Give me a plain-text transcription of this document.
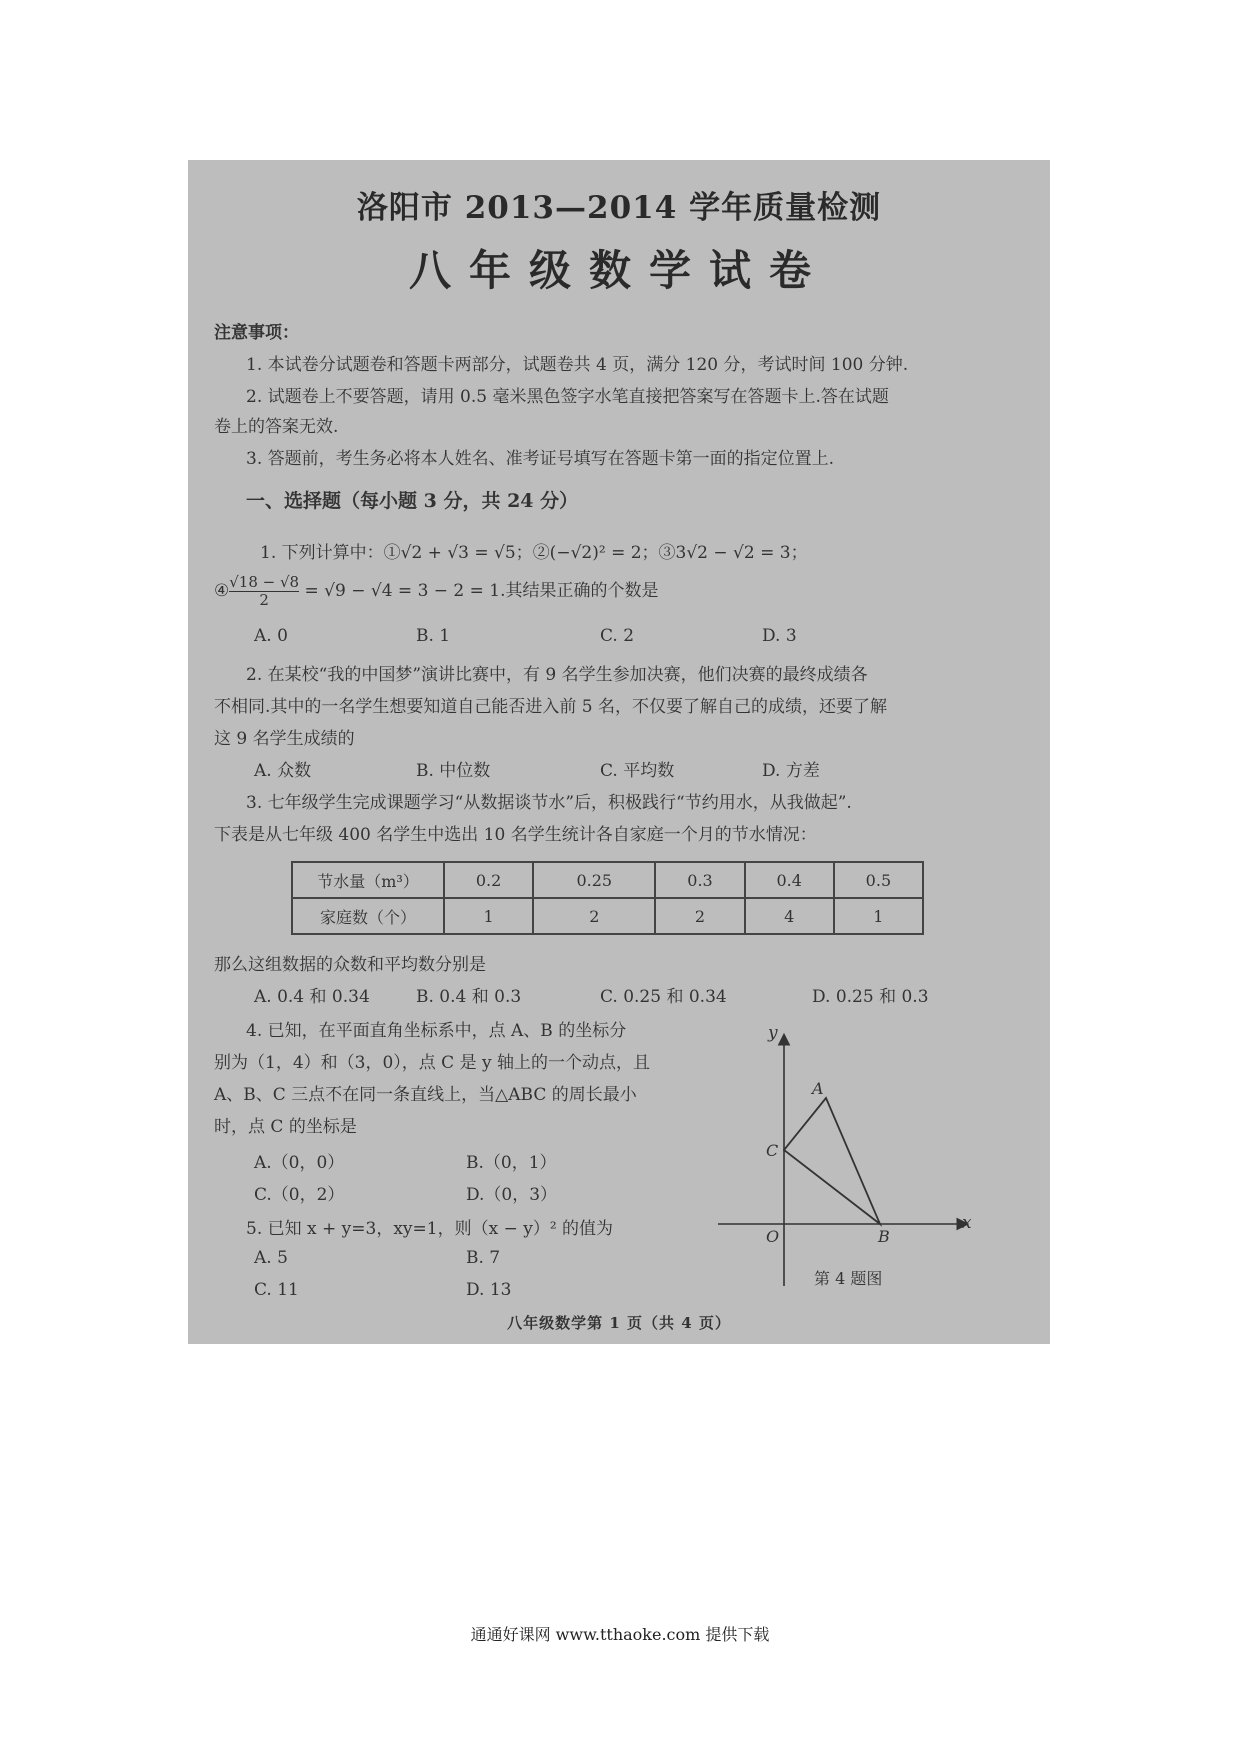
洛阳市 2013—2014 学年质量检测
八年级数学试卷
注意事项：
1. 本试卷分试题卷和答题卡两部分，试题卷共 4 页，满分 120 分，考试时间 100 分钟.
2. 试题卷上不要答题，请用 0.5 毫米黑色签字水笔直接把答案写在答题卡上.答在试题
卷上的答案无效.
3. 答题前，考生务必将本人姓名、准考证号填写在答题卡第一面的指定位置上.
一、选择题（每小题 3 分，共 24 分）
1. 下列计算中：①√2 + √3 = √5；②(−√2)² = 2；③3√2 − √2 = 3；
④ $\frac{√18 - √8}{2} = √9 - √4 = 3 - 2 = 1$.其结果正确的个数是
A. 0	B. 1	C. 2	D. 3
2. 在某校“我的中国梦”演讲比赛中，有 9 名学生参加决赛，他们决赛的最终成绩各
不相同.其中的一名学生想要知道自己能否进入前 5 名，不仅要了解自己的成绩，还要了解
这 9 名学生成绩的
A. 众数	B. 中位数	C. 平均数	D. 方差
3. 七年级学生完成课题学习“从数据谈节水”后，积极践行“节约用水，从我做起”.
下表是从七年级 400 名学生中选出 10 名学生统计各自家庭一个月的节水情况：
节水量（m³）	0.2	0.25	0.3	0.4	0.5
家庭数（个）	1	2	2	4	1
那么这组数据的众数和平均数分别是
A. 0.4 和 0.34	B. 0.4 和 0.3	C. 0.25 和 0.34	D. 0.25 和 0.3
4. 已知，在平面直角坐标系中，点 A、B 的坐标分
别为（1，4）和（3，0），点 C 是 y 轴上的一个动点，且
A、B、C 三点不在同一条直线上，当△ABC 的周长最小
时，点 C 的坐标是
A.（0，0）	B.（0，1）
C.（0，2）	D.（0，3）
5. 已知 x + y=3，xy=1，则（x − y）² 的值为
A. 5	B. 7
C. 11	D. 13
y
x
O
A
C
B
第 4 题图
八年级数学第 1 页（共 4 页）
通通好课网 www.tthaoke.com 提供下载
